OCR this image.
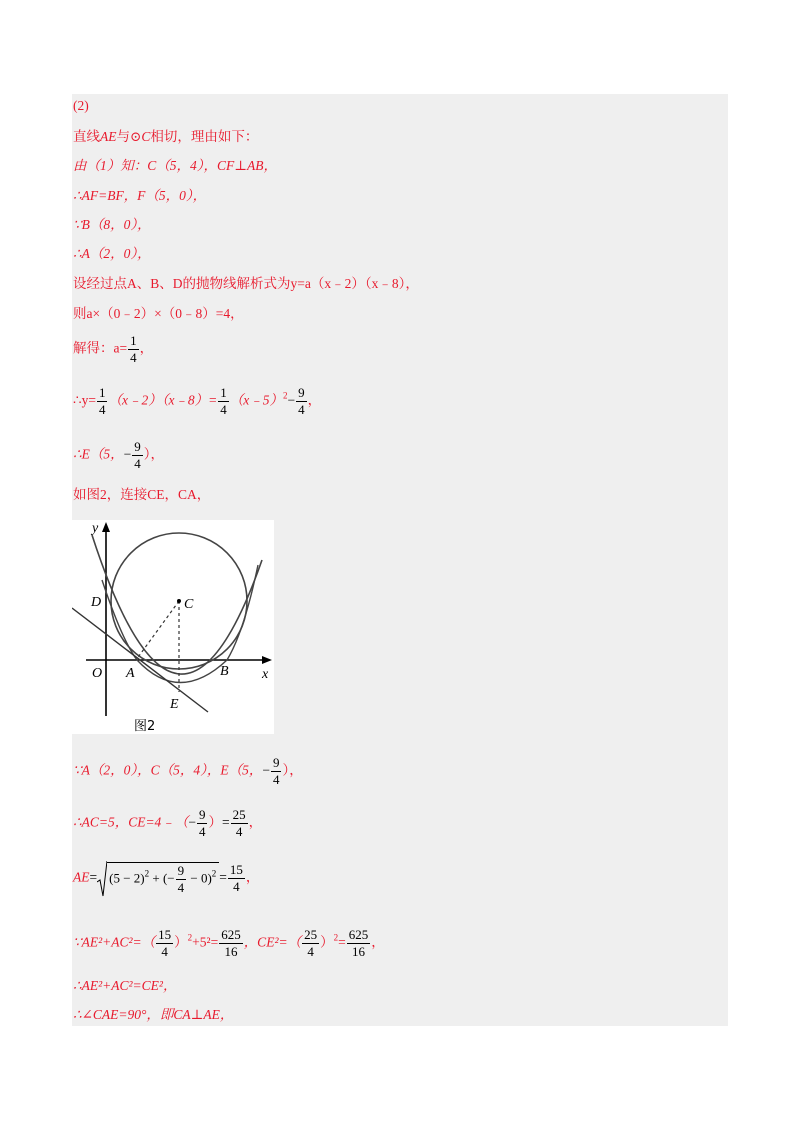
(2)
直线AE与⊙C相切，理由如下：
由（1）知：C（5，4），CF⊥AB，
∴AF=BF，F（5，0），
∵B（8，0），
∴A（2，0），
设经过点A、B、D的抛物线解析式为y=a（x﹣2）（x﹣8），
则a×（0﹣2）×（0﹣8）=4，
解得：$a= \frac{1}{4}$ ，
∴y= $\frac{1}{4}$ （x﹣2）（x﹣8）= $\frac{1}{4}$ （x﹣5）$^2$− $\frac{9}{4}$ ，
∴E（5，− $\frac{9}{4}$ ），
如图2，连接CE，CA，
y
x
O A	B
C
D
E
图2
∵A（2，0），C（5，4），E（5，− $\frac{9}{4}$ ），
∴AC=5，CE=4﹣（− $\frac{9}{4}$ ）= $\frac{25}{4}$ ，
$AE= (5 - 2)^2$ + (− $\frac{9}{4} - 0)^2 = \frac{15}{4}$ ，
∵AE²+AC²=（ $\frac{15}{4} )^2+5^2= \frac{625}{16}$ ，$CE^2=( \frac{25}{4} )^2= \frac{625}{16}$ ，
∴AE²+AC²=CE²，
∴∠CAE=90°，即CA⊥AE，
